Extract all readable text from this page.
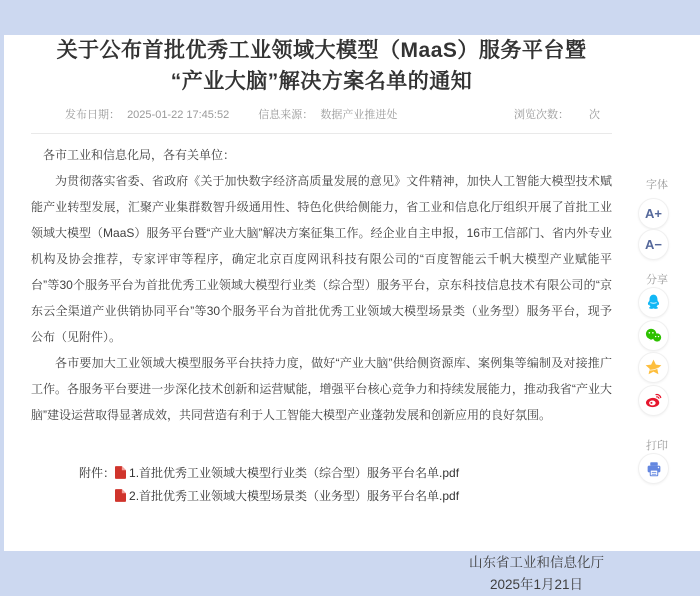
关于公布首批优秀工业领域大模型（MaaS）服务平台暨
“产业大脑”解决方案名单的通知
发布日期： 2025-01-22 17:45:52	信息来源： 数据产业推进处	浏览次数： 次

各市工业和信息化局，各有关单位：

为贯彻落实省委、省政府《关于加快数字经济高质量发展的意见》文件精神，加快人工智能大模型技术赋能产业转型发展，汇聚产业集群数智升级通用性、特色化供给侧能力，省工业和信息化厅组织开展了首批工业领域大模型（MaaS）服务平台暨“产业大脑”解决方案征集工作。经企业自主申报，16市工信部门、省内外专业机构及协会推荐，专家评审等程序，确定北京百度网讯科技有限公司的“百度智能云千帆大模型产业赋能平台”等30个服务平台为首批优秀工业领域大模型行业类（综合型）服务平台，京东科技信息技术有限公司的“京东云全渠道产业供销协同平台”等30个服务平台为首批优秀工业领域大模型场景类（业务型）服务平台，现予公布（见附件）。

各市要加大工业领域大模型服务平台扶持力度，做好“产业大脑”供给侧资源库、案例集等编制及对接推广工作。各服务平台要进一步深化技术创新和运营赋能，增强平台核心竞争力和持续发展能力，推动我省“产业大脑”建设运营取得显著成效，共同营造有利于人工智能大模型产业蓬勃发展和创新应用的良好氛围。

附件： 1.首批优秀工业领域大模型行业类（综合型）服务平台名单.pdf
2.首批优秀工业领域大模型场景类（业务型）服务平台名单.pdf
山东省工业和信息化厅
2025年1月21日
字体
A+
A−
分享
打印
